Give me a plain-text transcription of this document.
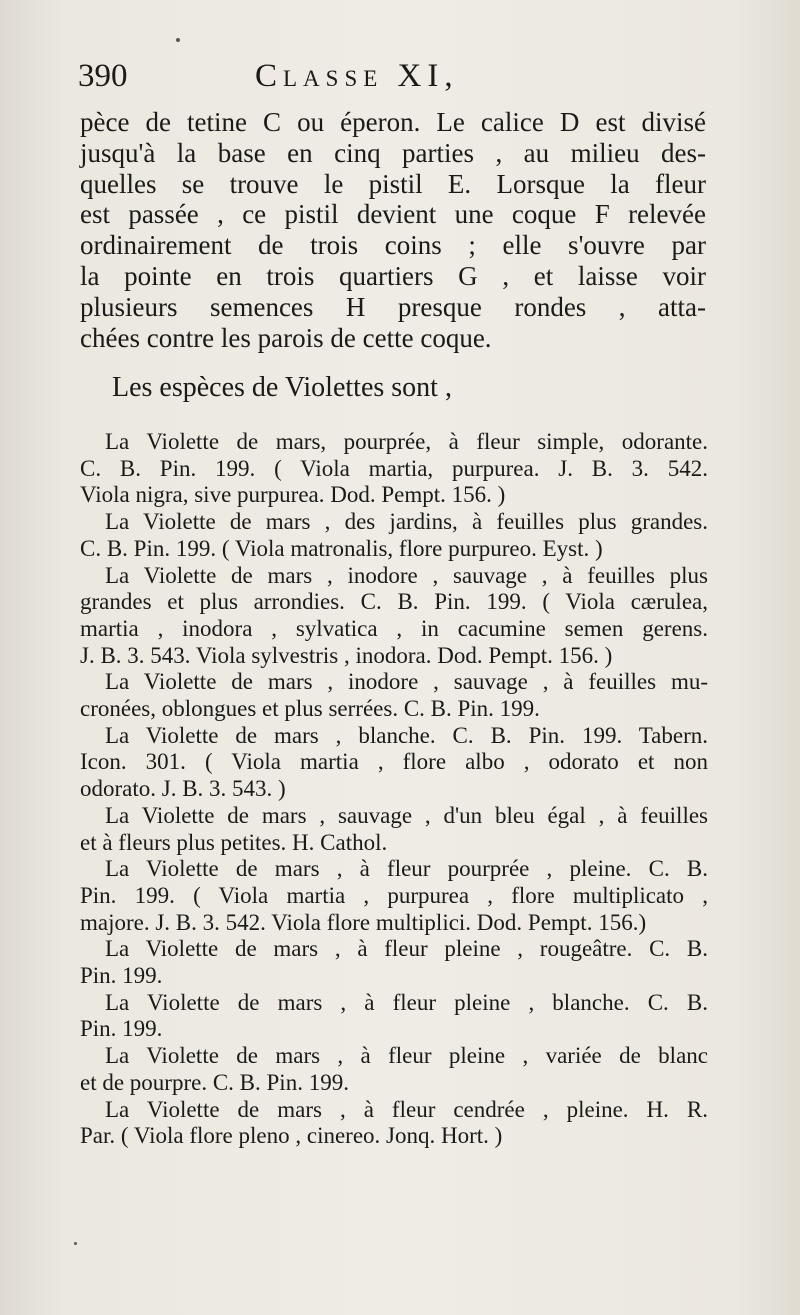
390	Classe XI,
pèce de tetine C ou éperon. Le calice D est divisé
jusqu'à la base en cinq parties , au milieu des-
quelles se trouve le pistil E. Lorsque la fleur
est passée , ce pistil devient une coque F relevée
ordinairement de trois coins ; elle s'ouvre par
la pointe en trois quartiers G , et laisse voir
plusieurs semences H presque rondes , atta-
chées contre les parois de cette coque.
Les espèces de Violettes sont ,
La Violette de mars, pourprée, à fleur simple, odorante.
C. B. Pin. 199. ( Viola martia, purpurea. J. B. 3. 542.
Viola nigra, sive purpurea. Dod. Pempt. 156. )
La Violette de mars , des jardins, à feuilles plus grandes.
C. B. Pin. 199. ( Viola matronalis, flore purpureo. Eyst. )
La Violette de mars , inodore , sauvage , à feuilles plus
grandes et plus arrondies. C. B. Pin. 199. ( Viola cærulea,
martia , inodora , sylvatica , in cacumine semen gerens.
J. B. 3. 543. Viola sylvestris , inodora. Dod. Pempt. 156. )
La Violette de mars , inodore , sauvage , à feuilles mu-
cronées, oblongues et plus serrées. C. B. Pin. 199.
La Violette de mars , blanche. C. B. Pin. 199. Tabern.
Icon. 301. ( Viola martia , flore albo , odorato et non
odorato. J. B. 3. 543. )
La Violette de mars , sauvage , d'un bleu égal , à feuilles
et à fleurs plus petites. H. Cathol.
La Violette de mars , à fleur pourprée , pleine. C. B.
Pin. 199. ( Viola martia , purpurea , flore multiplicato ,
majore. J. B. 3. 542. Viola flore multiplici. Dod. Pempt. 156.)
La Violette de mars , à fleur pleine , rougeâtre. C. B.
Pin. 199.
La Violette de mars , à fleur pleine , blanche. C. B.
Pin. 199.
La Violette de mars , à fleur pleine , variée de blanc
et de pourpre. C. B. Pin. 199.
La Violette de mars , à fleur cendrée , pleine. H. R.
Par. ( Viola flore pleno , cinereo. Jonq. Hort. )
